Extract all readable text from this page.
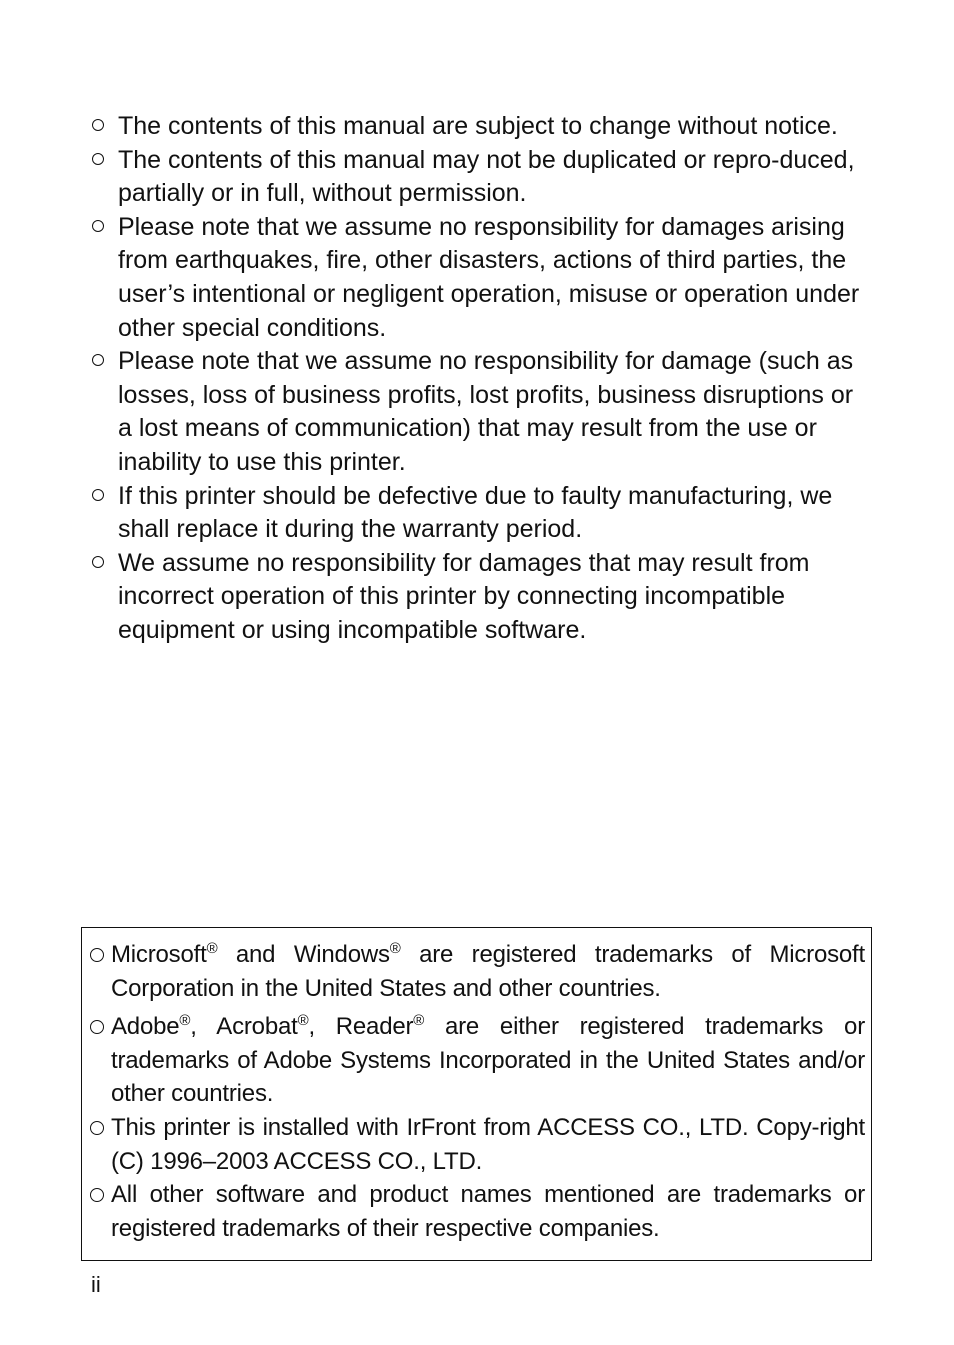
The contents of this manual are subject to change without notice.
The contents of this manual may not be duplicated or repro-duced, partially or in full, without permission.
Please note that we assume no responsibility for damages arising from earthquakes, fire, other disasters, actions of third parties, the user’s intentional or negligent operation, misuse or operation under other special conditions.
Please note that we assume no responsibility for damage (such as losses, loss of business profits, lost profits, business disruptions or a lost means of communication) that may result from the use or inability to use this printer.
If this printer should be defective due to faulty manufacturing, we shall replace it during the warranty period.
We assume no responsibility for damages that may result from incorrect operation of this printer by connecting incompatible equipment or using incompatible software.
Microsoft® and Windows® are registered trademarks of Microsoft Corporation in the United States and other countries.
Adobe®, Acrobat®, Reader® are either registered trademarks or trademarks of Adobe Systems Incorporated in the United States and/or other countries.
This printer is installed with IrFront from ACCESS CO., LTD. Copy-right (C) 1996–2003 ACCESS CO., LTD.
All other software and product names mentioned are trademarks or registered trademarks of their respective companies.
ii
